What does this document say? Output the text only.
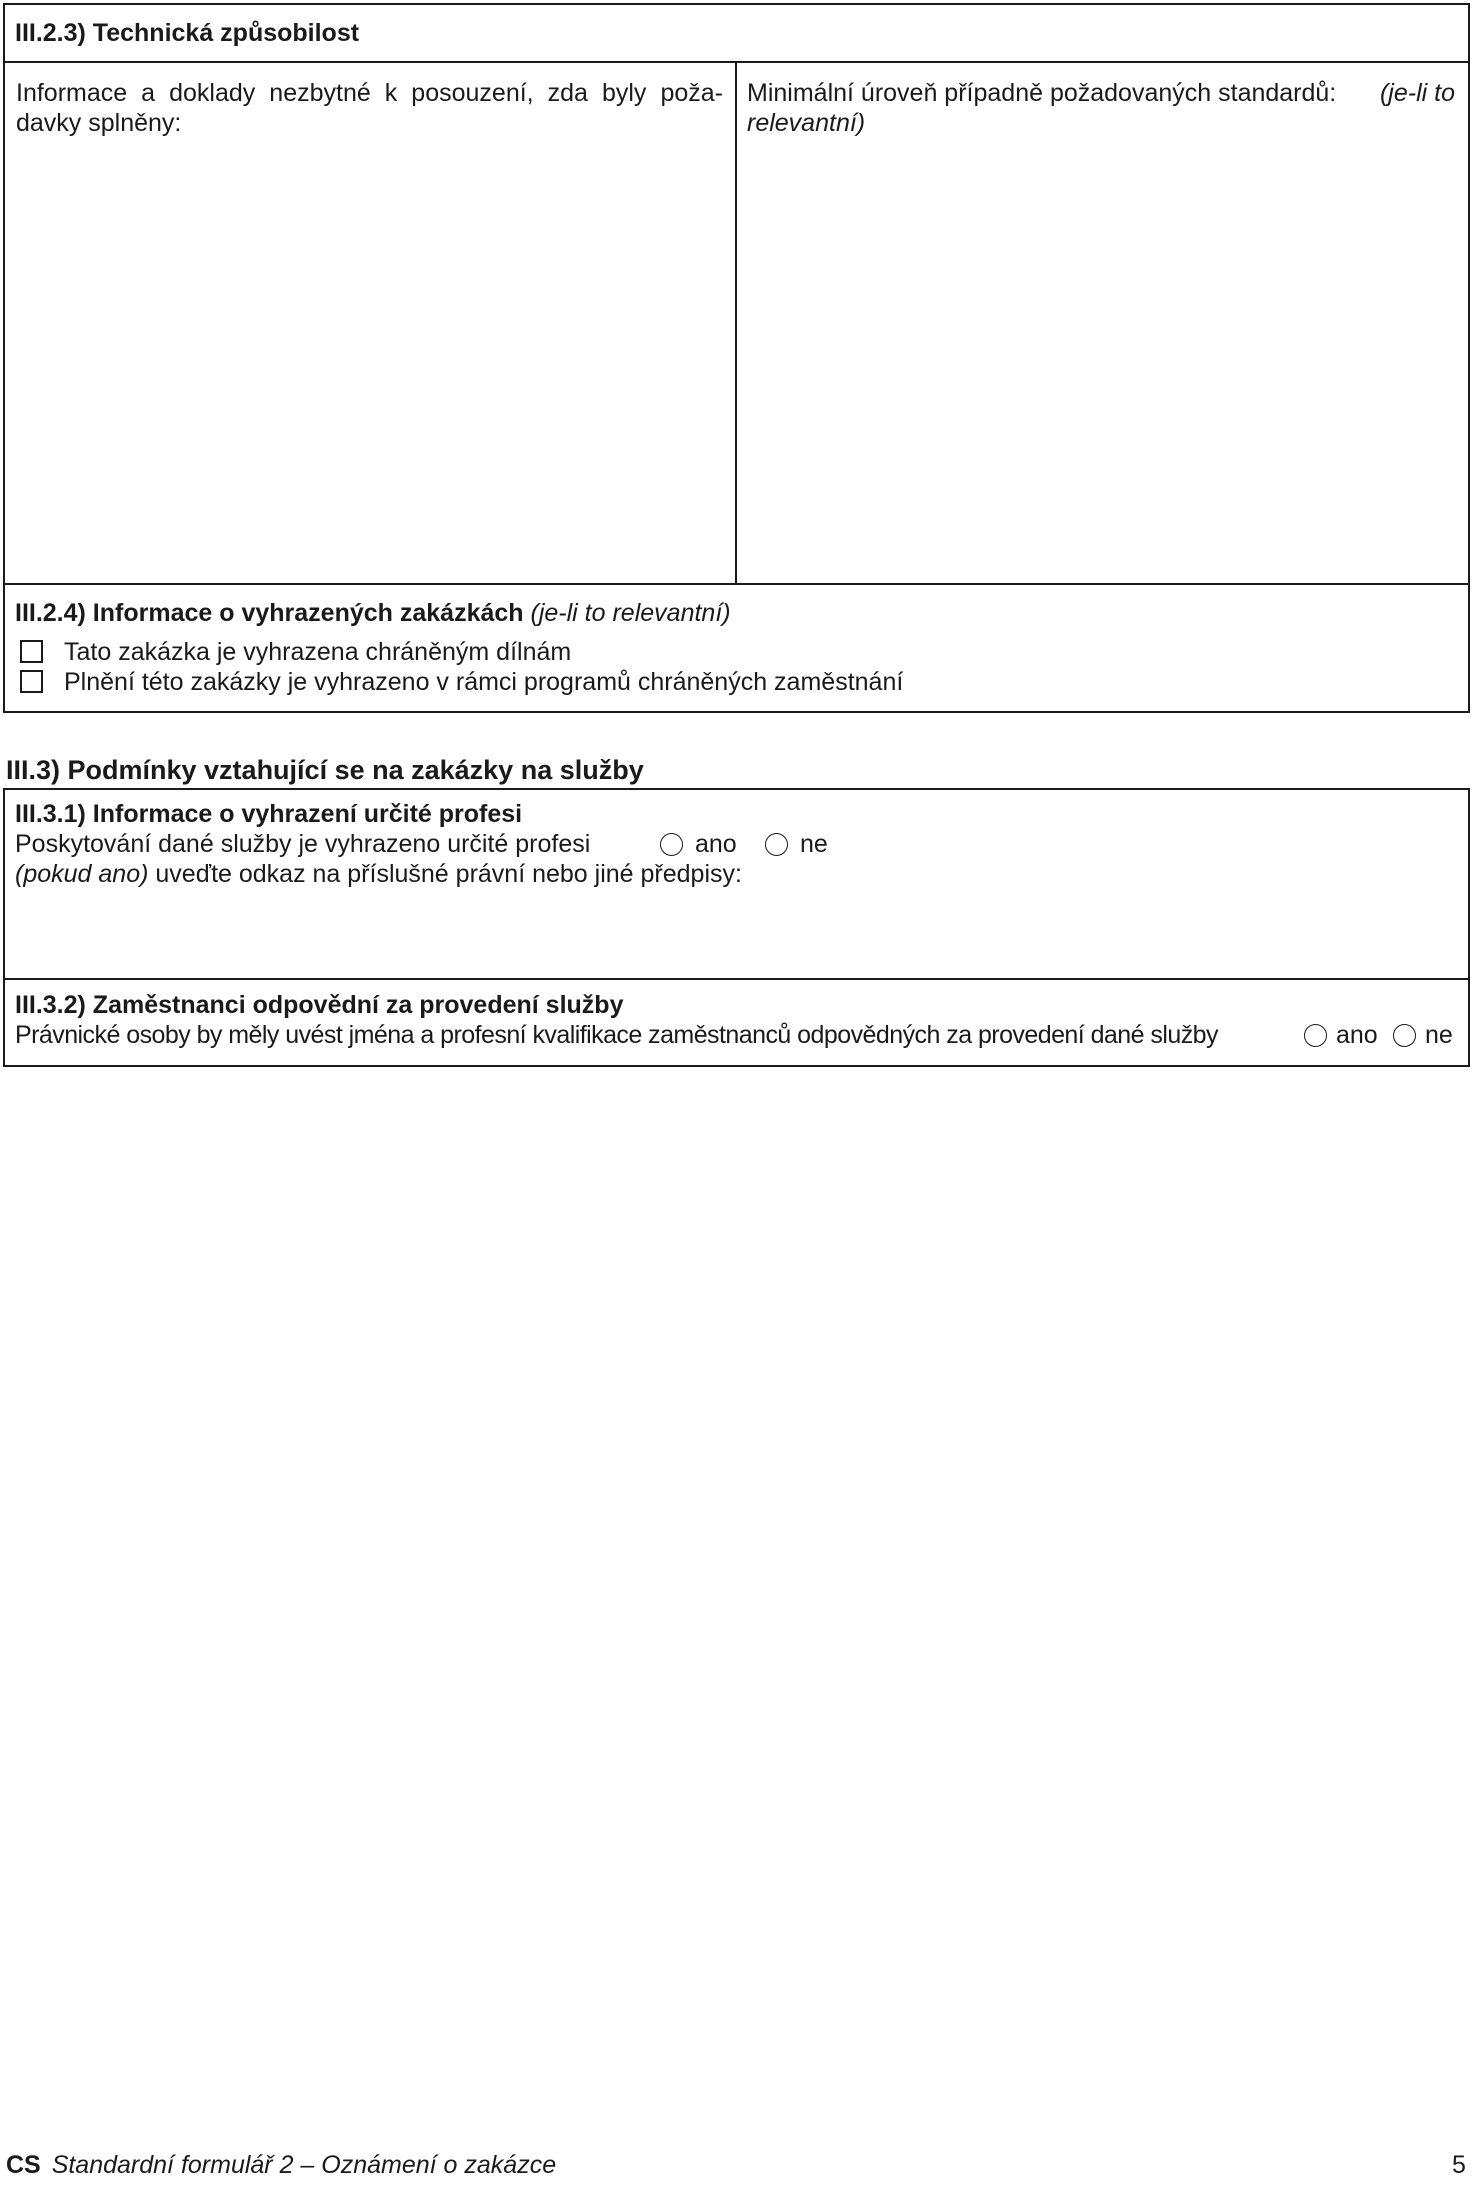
III.2.3) Technická způsobilost
Informace a doklady nezbytné k posouzení, zda byly poža-
davky splněny:
Minimální úroveň případně požadovaných standardů: (je-li to
relevantní)
III.2.4) Informace o vyhrazených zakázkách (je-li to relevantní)
Tato zakázka je vyhrazena chráněným dílnám
Plnění této zakázky je vyhrazeno v rámci programů chráněných zaměstnání
III.3) Podmínky vztahující se na zakázky na služby
III.3.1) Informace o vyhrazení určité profesi
Poskytování dané služby je vyhrazeno určité profesi	ano	ne
(pokud ano) uveďte odkaz na příslušné právní nebo jiné předpisy:
III.3.2) Zaměstnanci odpovědní za provedení služby
Právnické osoby by měly uvést jména a profesní kvalifikace zaměstnanců odpovědných za provedení dané služby	ano ne
CS Standardní formulář 2 – Oznámení o zakázce	5
